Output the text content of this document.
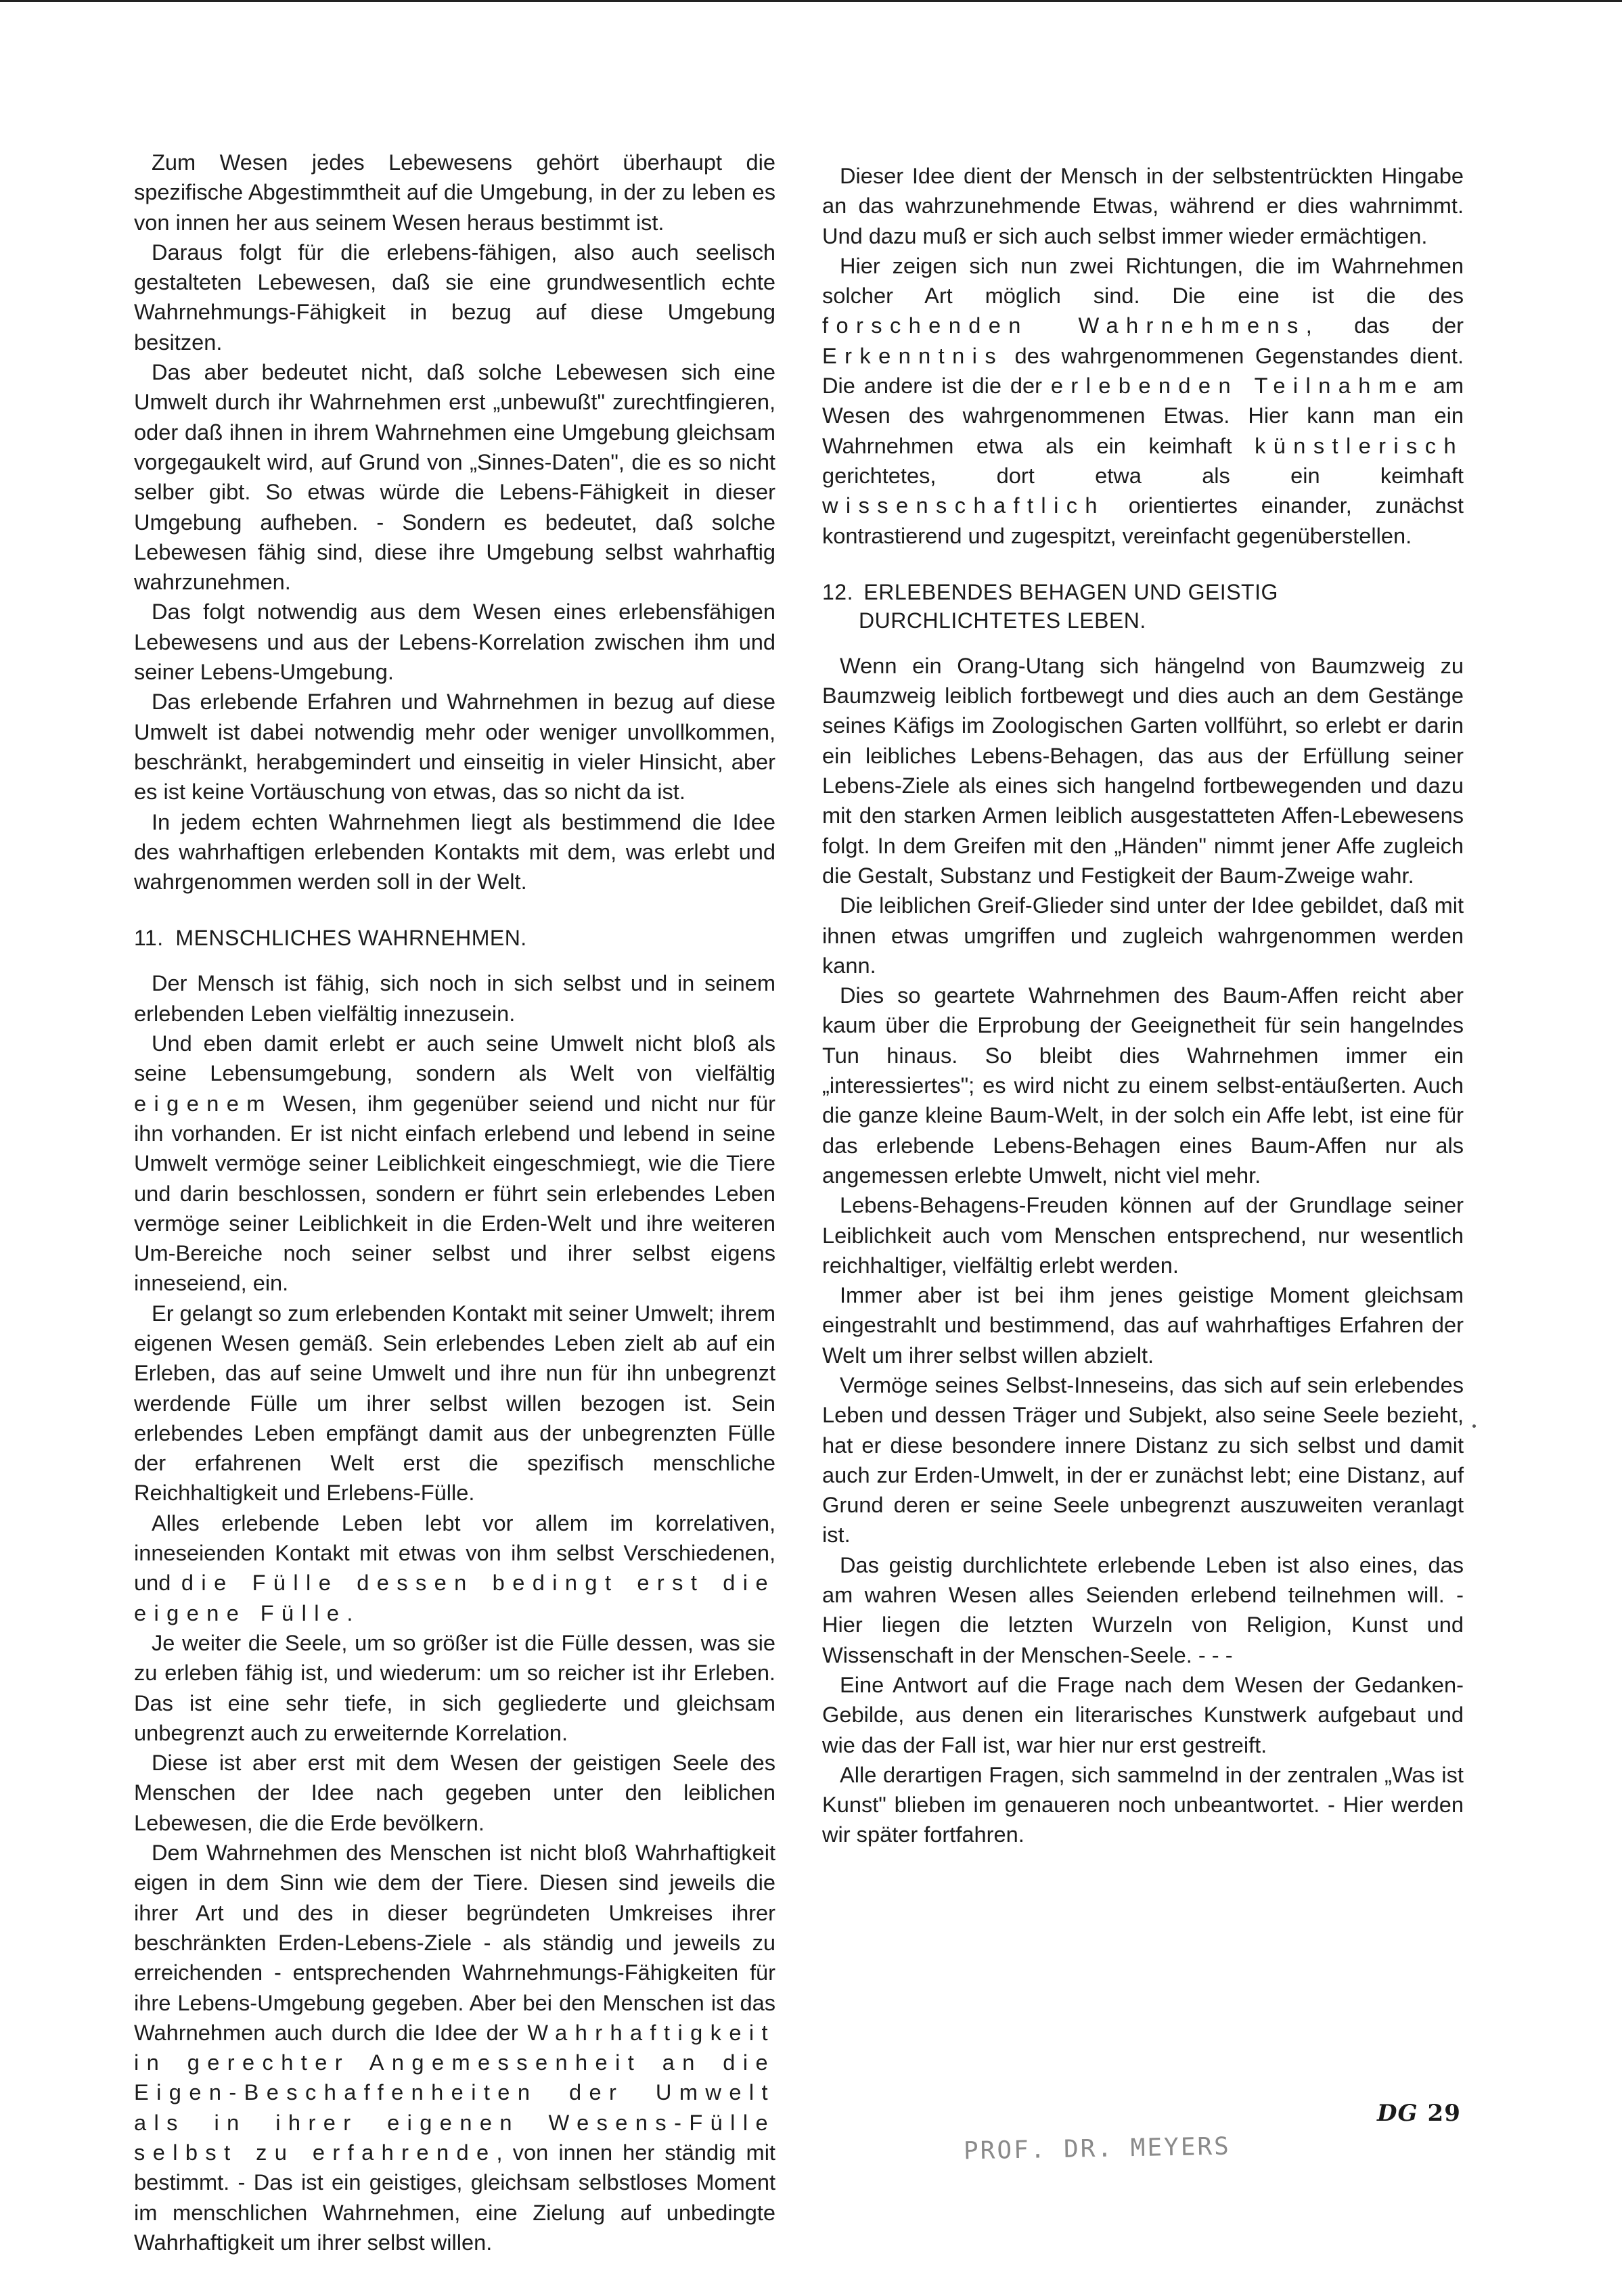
Zum Wesen jedes Lebewesens gehört überhaupt die spezifische Abgestimmtheit auf die Umgebung, in der zu leben es von innen her aus seinem Wesen heraus bestimmt ist.

Daraus folgt für die erlebens-fähigen, also auch seelisch gestalteten Lebewesen, daß sie eine grundwesentlich echte Wahrnehmungs-Fähigkeit in bezug auf diese Umgebung besitzen.

Das aber bedeutet nicht, daß solche Lebewesen sich eine Umwelt durch ihr Wahrnehmen erst „unbewußt" zurechtfingieren, oder daß ihnen in ihrem Wahrnehmen eine Umgebung gleichsam vorgegaukelt wird, auf Grund von „Sinnes-Daten", die es so nicht selber gibt. So etwas würde die Lebens-Fähigkeit in dieser Umgebung aufheben. - Sondern es bedeutet, daß solche Lebewesen fähig sind, diese ihre Umgebung selbst wahrhaftig wahrzunehmen.

Das folgt notwendig aus dem Wesen eines erlebensfähigen Lebewesens und aus der Lebens-Korrelation zwischen ihm und seiner Lebens-Umgebung.

Das erlebende Erfahren und Wahrnehmen in bezug auf diese Umwelt ist dabei notwendig mehr oder weniger unvollkommen, beschränkt, herabgemindert und einseitig in vieler Hinsicht, aber es ist keine Vortäuschung von etwas, das so nicht da ist.

In jedem echten Wahrnehmen liegt als bestimmend die Idee des wahrhaftigen erlebenden Kontakts mit dem, was erlebt und wahrgenommen werden soll in der Welt.

11. MENSCHLICHES WAHRNEHMEN.

Der Mensch ist fähig, sich noch in sich selbst und in seinem erlebenden Leben vielfältig innezusein.

Und eben damit erlebt er auch seine Umwelt nicht bloß als seine Lebensumgebung, sondern als Welt von vielfältig eigenem Wesen, ihm gegenüber seiend und nicht nur für ihn vorhanden. Er ist nicht einfach erlebend und lebend in seine Umwelt vermöge seiner Leiblichkeit eingeschmiegt, wie die Tiere und darin beschlossen, sondern er führt sein erlebendes Leben vermöge seiner Leiblichkeit in die Erden-Welt und ihre weiteren Um-Bereiche noch seiner selbst und ihrer selbst eigens inneseiend, ein.

Er gelangt so zum erlebenden Kontakt mit seiner Umwelt; ihrem eigenen Wesen gemäß. Sein erlebendes Leben zielt ab auf ein Erleben, das auf seine Umwelt und ihre nun für ihn unbegrenzt werdende Fülle um ihrer selbst willen bezogen ist. Sein erlebendes Leben empfängt damit aus der unbegrenzten Fülle der erfahrenen Welt erst die spezifisch menschliche Reichhaltigkeit und Erlebens-Fülle.

Alles erlebende Leben lebt vor allem im korrelativen, inneseienden Kontakt mit etwas von ihm selbst Verschiedenen, und die Fülle dessen bedingt erst die eigene Fülle.

Je weiter die Seele, um so größer ist die Fülle dessen, was sie zu erleben fähig ist, und wiederum: um so reicher ist ihr Erleben. Das ist eine sehr tiefe, in sich gegliederte und gleichsam unbegrenzt auch zu erweiternde Korrelation.

Diese ist aber erst mit dem Wesen der geistigen Seele des Menschen der Idee nach gegeben unter den leiblichen Lebewesen, die die Erde bevölkern.

Dem Wahrnehmen des Menschen ist nicht bloß Wahrhaftigkeit eigen in dem Sinn wie dem der Tiere. Diesen sind jeweils die ihrer Art und des in dieser begründeten Umkreises ihrer beschränkten Erden-Lebens-Ziele - als ständig und jeweils zu erreichenden - entsprechenden Wahrnehmungs-Fähigkeiten für ihre Lebens-Umgebung gegeben. Aber bei den Menschen ist das Wahrnehmen auch durch die Idee der Wahrhaftigkeit in gerechter Angemessenheit an die Eigen-Beschaffenheiten der Umwelt als in ihrer eigenen Wesens-Fülle selbst zu erfahrende, von innen her ständig mit bestimmt. - Das ist ein geistiges, gleichsam selbstloses Moment im menschlichen Wahrnehmen, eine Zielung auf unbedingte Wahrhaftigkeit um ihrer selbst willen.

Dieser Idee dient der Mensch in der selbstentrückten Hingabe an das wahrzunehmende Etwas, während er dies wahrnimmt. Und dazu muß er sich auch selbst immer wieder ermächtigen.

Hier zeigen sich nun zwei Richtungen, die im Wahrnehmen solcher Art möglich sind. Die eine ist die des forschenden Wahrnehmens, das der Erkenntnis des wahrgenommenen Gegenstandes dient. Die andere ist die der erlebenden Teilnahme am Wesen des wahrgenommenen Etwas. Hier kann man ein Wahrnehmen etwa als ein keimhaft künstlerisch gerichtetes, dort etwa als ein keimhaft wissenschaftlich orientiertes einander, zunächst kontrastierend und zugespitzt, vereinfacht gegenüberstellen.

12. ERLEBENDES BEHAGEN UND GEISTIG
DURCHLICHTETES LEBEN.

Wenn ein Orang-Utang sich hängelnd von Baumzweig zu Baumzweig leiblich fortbewegt und dies auch an dem Gestänge seines Käfigs im Zoologischen Garten vollführt, so erlebt er darin ein leibliches Lebens-Behagen, das aus der Erfüllung seiner Lebens-Ziele als eines sich hangelnd fortbewegenden und dazu mit den starken Armen leiblich ausgestatteten Affen-Lebewesens folgt. In dem Greifen mit den „Händen" nimmt jener Affe zugleich die Gestalt, Substanz und Festigkeit der Baum-Zweige wahr.

Die leiblichen Greif-Glieder sind unter der Idee gebildet, daß mit ihnen etwas umgriffen und zugleich wahrgenommen werden kann.

Dies so geartete Wahrnehmen des Baum-Affen reicht aber kaum über die Erprobung der Geeignetheit für sein hangelndes Tun hinaus. So bleibt dies Wahrnehmen immer ein „interessiertes"; es wird nicht zu einem selbst-entäußerten. Auch die ganze kleine Baum-Welt, in der solch ein Affe lebt, ist eine für das erlebende Lebens-Behagen eines Baum-Affen nur als angemessen erlebte Umwelt, nicht viel mehr.

Lebens-Behagens-Freuden können auf der Grundlage seiner Leiblichkeit auch vom Menschen entsprechend, nur wesentlich reichhaltiger, vielfältig erlebt werden.

Immer aber ist bei ihm jenes geistige Moment gleichsam eingestrahlt und bestimmend, das auf wahrhaftiges Erfahren der Welt um ihrer selbst willen abzielt.

Vermöge seines Selbst-Inneseins, das sich auf sein erlebendes Leben und dessen Träger und Subjekt, also seine Seele bezieht, hat er diese besondere innere Distanz zu sich selbst und damit auch zur Erden-Umwelt, in der er zunächst lebt; eine Distanz, auf Grund deren er seine Seele unbegrenzt auszuweiten veranlagt ist.

Das geistig durchlichtete erlebende Leben ist also eines, das am wahren Wesen alles Seienden erlebend teilnehmen will. - Hier liegen die letzten Wurzeln von Religion, Kunst und Wissenschaft in der Menschen-Seele. - - -

Eine Antwort auf die Frage nach dem Wesen der Gedanken-Gebilde, aus denen ein literarisches Kunstwerk aufgebaut und wie das der Fall ist, war hier nur erst gestreift.

Alle derartigen Fragen, sich sammelnd in der zentralen „Was ist Kunst" blieben im genaueren noch unbeantwortet. - Hier werden wir später fortfahren.

DG 29
PROF. DR. MEYERS
